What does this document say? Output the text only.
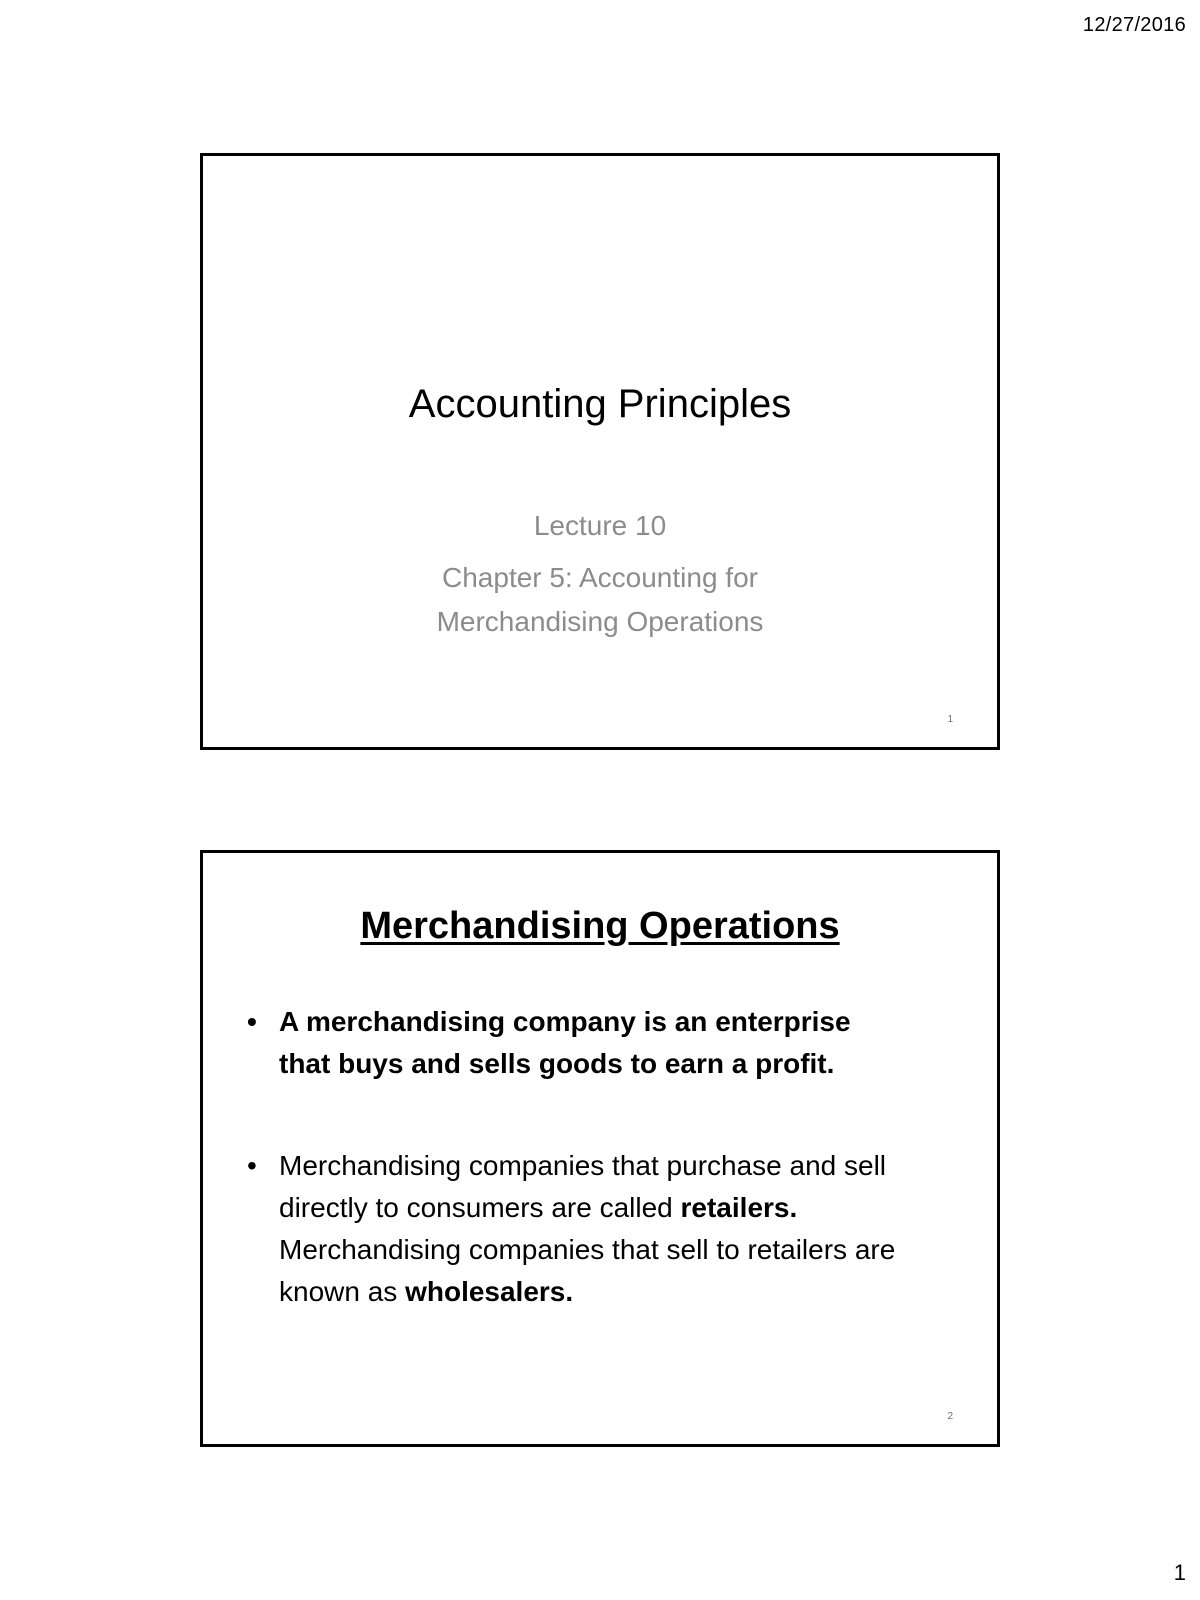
12/27/2016
Accounting Principles

Lecture 10

Chapter 5: Accounting for

Merchandising Operations

1
Merchandising Operations
• A merchandising company is an enterprise
that buys and sells goods to earn a profit.
• Merchandising companies that purchase and sell directly to consumers are called retailers. Merchandising companies that sell to retailers are known as wholesalers.
2
1
